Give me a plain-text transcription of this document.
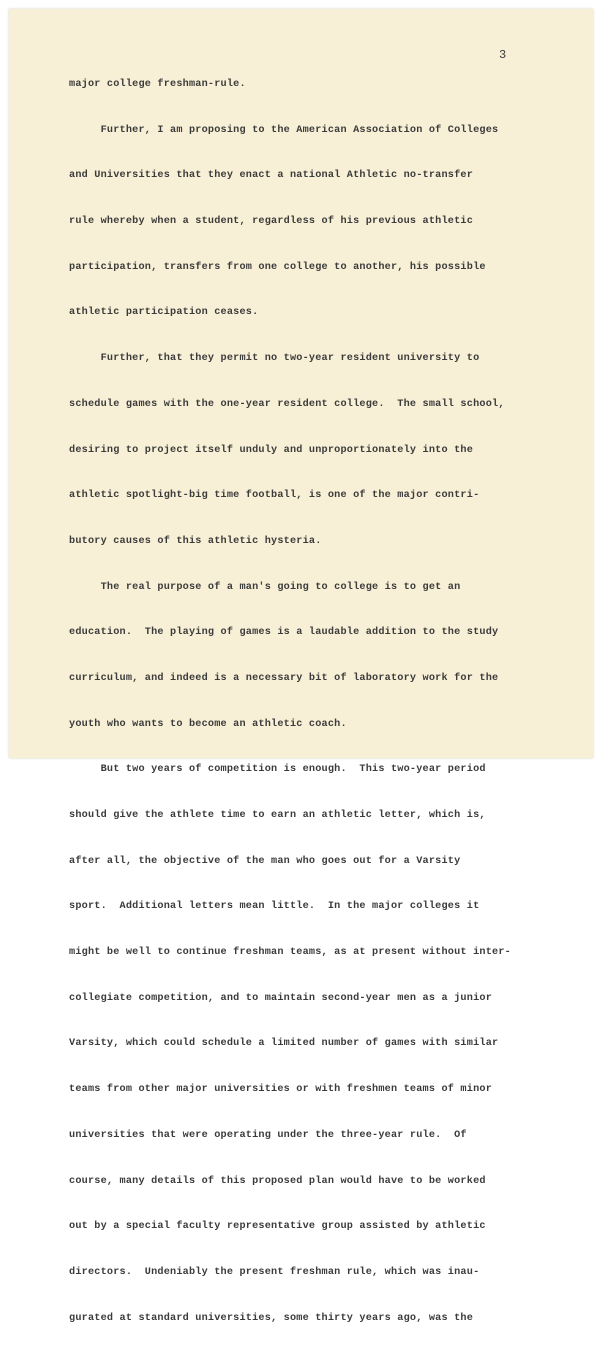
3

major college freshman-rule.

Further, I am proposing to the American Association of Colleges

and Universities that they enact a national Athletic no-transfer

rule whereby when a student, regardless of his previous athletic

participation, transfers from one college to another, his possible

athletic participation ceases.

Further, that they permit no two-year resident university to

schedule games with the one-year resident college.  The small school,

desiring to project itself unduly and unproportionately into the

athletic spotlight-big time football, is one of the major contri-

butory causes of this athletic hysteria.

The real purpose of a man's going to college is to get an

education.  The playing of games is a laudable addition to the study

curriculum, and indeed is a necessary bit of laboratory work for the

youth who wants to become an athletic coach.

But two years of competition is enough.  This two-year period

should give the athlete time to earn an athletic letter, which is,

after all, the objective of the man who goes out for a Varsity

sport.  Additional letters mean little.  In the major colleges it

might be well to continue freshman teams, as at present without inter-

collegiate competition, and to maintain second-year men as a junior

Varsity, which could schedule a limited number of games with similar

teams from other major universities or with freshmen teams of minor

universities that were operating under the three-year rule.  Of

course, many details of this proposed plan would have to be worked

out by a special faculty representative group assisted by athletic

directors.  Undeniably the present freshman rule, which was inau-

gurated at standard universities, some thirty years ago, was the
